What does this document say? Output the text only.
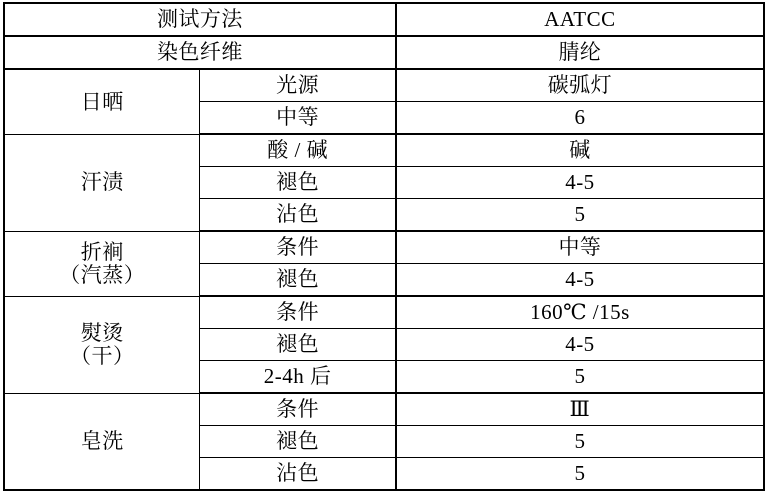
测试方法		AATCC
染色纤维		腈纶
日晒	光源	碳弧灯
	中等	6
汗渍	酸 / 碱	碱
	褪色	4-5
	沾色	5

折裥
（汽蒸）	条件	中等
	褪色	4-5

熨烫
（干）	条件	160℃ /15s
	褪色	4-5
	2-4h 后	5
皂洗	条件	Ⅲ
	褪色	5
	沾色	5
